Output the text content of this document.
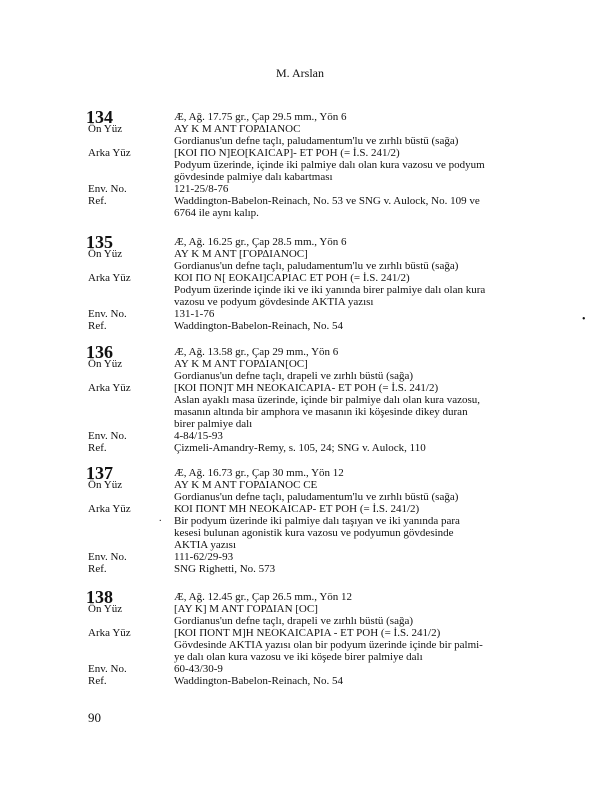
M. Arslan
134	Æ, Ağ. 17.75 gr., Çap 29.5 mm., Yön 6
Ön Yüz	AY K M ANT ΓΟΡΔΙΑΝΟC
Gordianus'un defne taçlı, paludamentum'lu ve zırhlı büstü (sağa)
Arka Yüz	[KOI ΠΟ Ν]ΕΟ[ΚΑΙCΑΡ]- ΕΤ ΡΟΗ (= İ.S. 241/2)
Podyum üzerinde, içinde iki palmiye dalı olan kura vazosu ve podyum
gövdesinde palmiye dalı kabartması
Env. No.	121-25/8-76
Ref.	Waddington-Babelon-Reinach, No. 53 ve SNG v. Aulock, No. 109 ve
6764 ile aynı kalıp.
135	Æ, Ağ. 16.25 gr., Çap 28.5 mm., Yön 6
Ön Yüz	AY K M ANT [ΓΟΡΔΙΑΝΟC]
Gordianus'un defne taçlı, paludamentum'lu ve zırhlı büstü (sağa)
Arka Yüz	ΚΟΙ ΠΟ Ν[ ΕΟΚΑΙ]CΑΡΙΑC ΕΤ ΡΟΗ (= İ.S. 241/2)
Podyum üzerinde içinde iki ve iki yanında birer palmiye dalı olan kura
vazosu ve podyum gövdesinde AKTIA yazısı
Env. No.	131-1-76
Ref.	Waddington-Babelon-Reinach, No. 54
136	Æ, Ağ. 13.58 gr., Çap 29 mm., Yön 6
Ön Yüz	AY K M ANT ΓΟΡΔΙΑΝ[ΟC]
Gordianus'un defne taçlı, drapeli ve zırhlı büstü (sağa)
Arka Yüz	[ΚΟΙ ΠΟΝ]Τ ΜΗ ΝΕΟΚΑΙCΑΡΙΑ- ΕΤ ΡΟΗ (= İ.S. 241/2)
Aslan ayaklı masa üzerinde, içinde bir palmiye dalı olan kura vazosu,
masanın altında bir amphora ve masanın iki köşesinde dikey duran
birer palmiye dalı
Env. No.	4-84/15-93
Ref.	Çizmeli-Amandry-Remy, s. 105, 24; SNG v. Aulock, 110
137	Æ, Ağ. 16.73 gr., Çap 30 mm., Yön 12
Ön Yüz	AY K M ANT ΓΟΡΔΙΑΝΟC CE
Gordianus'un defne taçlı, paludamentum'lu ve zırhlı büstü (sağa)
Arka Yüz	ΚΟΙ ΠΟΝΤ ΜΗ ΝΕΟΚΑΙCΑΡ- ΕΤ ΡΟΗ (= İ.S. 241/2)
Bir podyum üzerinde iki palmiye dalı taşıyan ve iki yanında para
kesesi bulunan agonistik kura vazosu ve podyumun gövdesinde
AKTIA yazısı
Env. No.	111-62/29-93
Ref.	SNG Righetti, No. 573
138	Æ, Ağ. 12.45 gr., Çap 26.5 mm., Yön 12
Ön Yüz	[AY K] M ANT ΓΟΡΔΙΑΝ [ΟC]
Gordianus'un defne taçlı, drapeli ve zırhlı büstü (sağa)
Arka Yüz	[ΚΟΙ ΠΟΝΤ Μ]Η ΝΕΟΚΑΙCΑΡΙΑ - ΕΤ ΡΟΗ (= İ.S. 241/2)
Gövdesinde AKTIA yazısı olan bir podyum üzerinde içinde bir palmi-
ye dalı olan kura vazosu ve iki köşede birer palmiye dalı
Env. No.	60-43/30-9
Ref.	Waddington-Babelon-Reinach, No. 54
•
.
90
